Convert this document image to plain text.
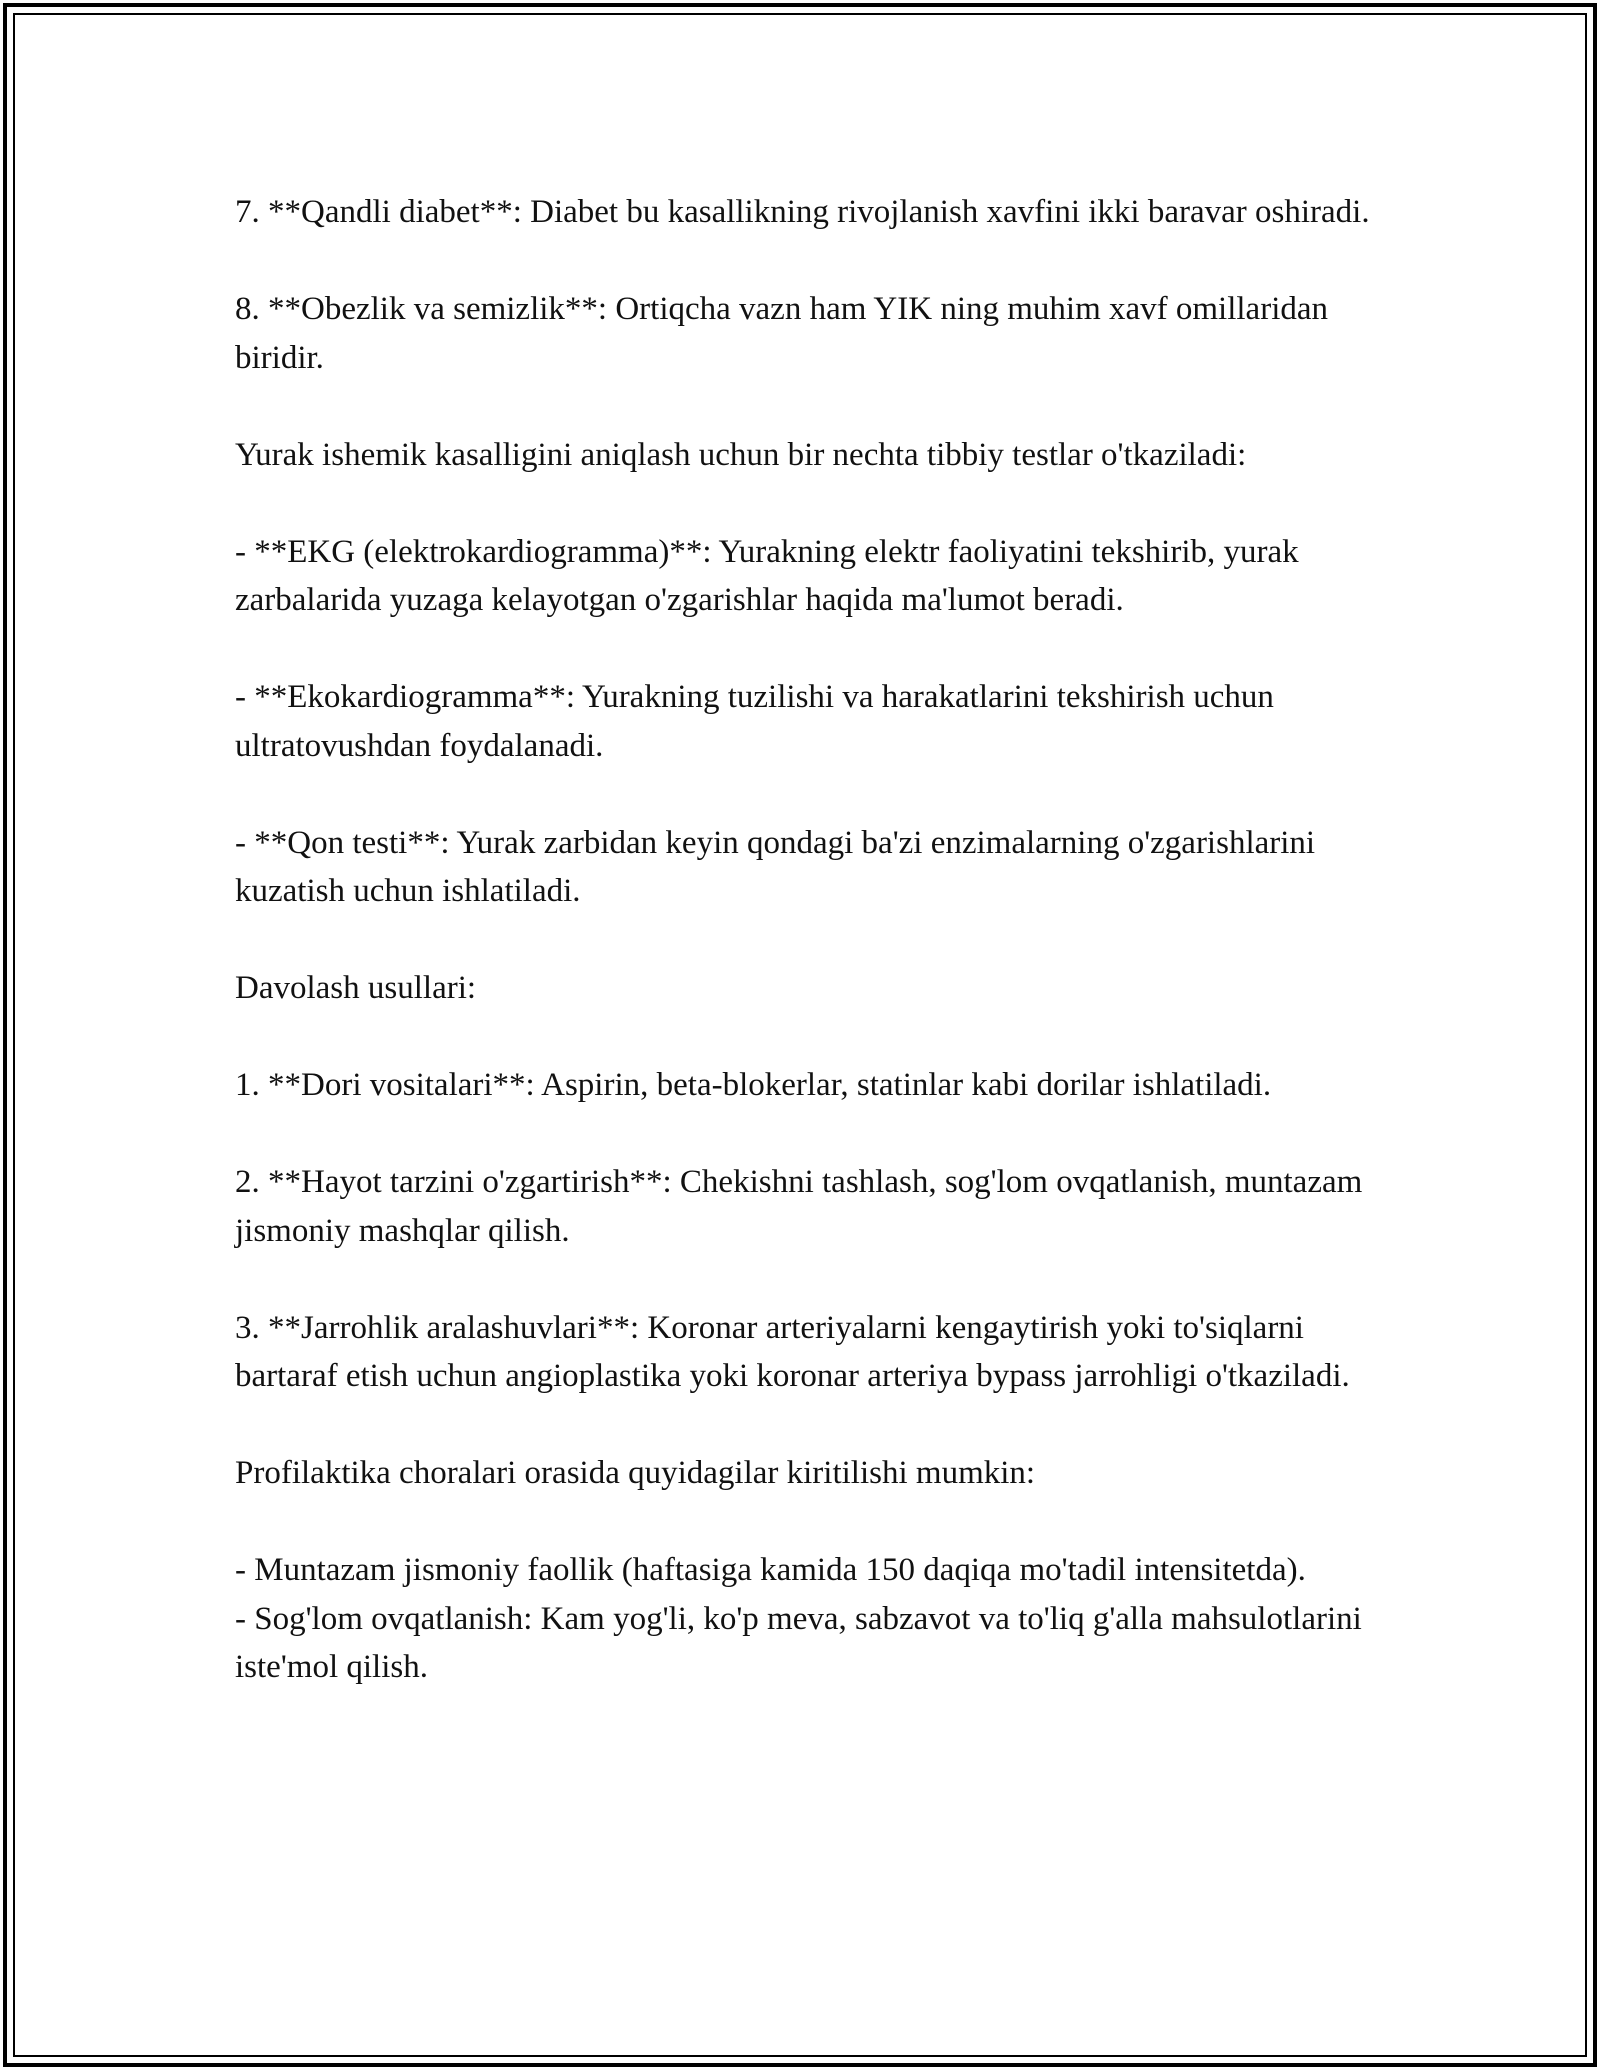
7. **Qandli diabet**: Diabet bu kasallikning rivojlanish xavfini ikki baravar oshiradi.

8. **Obezlik va semizlik**: Ortiqcha vazn ham YIK ning muhim xavf omillaridan biridir.

Yurak ishemik kasalligini aniqlash uchun bir nechta tibbiy testlar o'tkaziladi:

- **EKG (elektrokardiogramma)**: Yurakning elektr faoliyatini tekshirib, yurak zarbalarida yuzaga kelayotgan o'zgarishlar haqida ma'lumot beradi.

- **Ekokardiogramma**: Yurakning tuzilishi va harakatlarini tekshirish uchun ultratovushdan foydalanadi.

- **Qon testi**: Yurak zarbidan keyin qondagi ba'zi enzimalarning o'zgarishlarini kuzatish uchun ishlatiladi.

Davolash usullari:

1. **Dori vositalari**: Aspirin, beta-blokerlar, statinlar kabi dorilar ishlatiladi.

2. **Hayot tarzini o'zgartirish**: Chekishni tashlash, sog'lom ovqatlanish, muntazam jismoniy mashqlar qilish.

3. **Jarrohlik aralashuvlari**: Koronar arteriyalarni kengaytirish yoki to'siqlarni bartaraf etish uchun angioplastika yoki koronar arteriya bypass jarrohligi o'tkaziladi.

Profilaktika choralari orasida quyidagilar kiritilishi mumkin:

- Muntazam jismoniy faollik (haftasiga kamida 150 daqiqa mo'tadil intensitetda).

- Sog'lom ovqatlanish: Kam yog'li, ko'p meva, sabzavot va to'liq g'alla mahsulotlarini iste'mol qilish.
